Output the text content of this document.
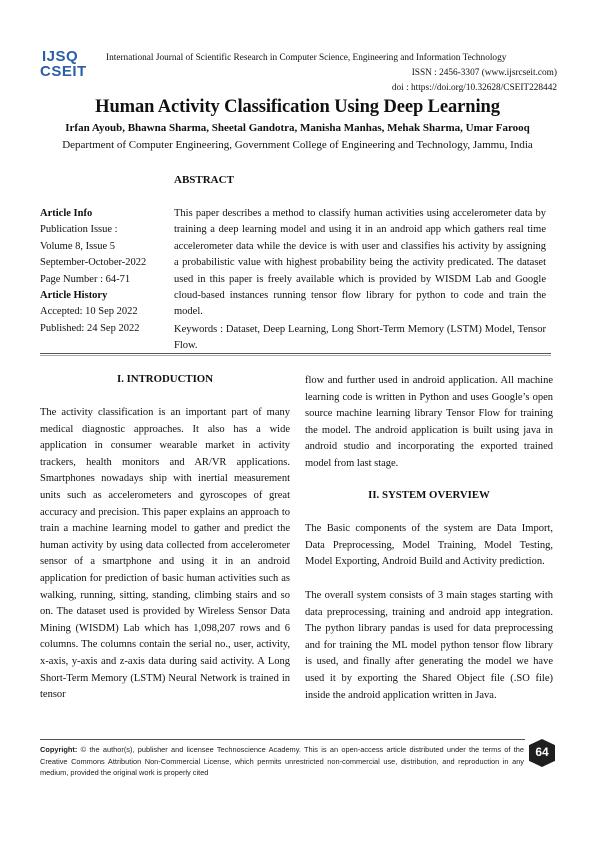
IJSQ
CSEIT
International Journal of Scientific Research in Computer Science, Engineering and Information Technology
ISSN : 2456-3307 (www.ijsrcseit.com)
doi : https://doi.org/10.32628/CSEIT228442
Human Activity Classification Using Deep Learning
Irfan Ayoub, Bhawna Sharma, Sheetal Gandotra, Manisha Manhas, Mehak Sharma, Umar Farooq
Department of Computer Engineering, Government College of Engineering and Technology, Jammu, India
ABSTRACT
Article Info
Publication Issue :
Volume 8, Issue 5
September-October-2022
Page Number : 64-71
Article History
Accepted: 10 Sep 2022
Published: 24 Sep 2022
This paper describes a method to classify human activities using accelerometer data by training a deep learning model and using it in an android app which gathers real time accelerometer data while the device is with user and classifies his activity by assigning a probabilistic value with highest probability being the activity predicated. The dataset used in this paper is freely available which is provided by WISDM Lab and Google cloud-based instances running tensor flow library for python to code and train the model.
Keywords : Dataset, Deep Learning, Long Short-Term Memory (LSTM) Model, Tensor Flow.
I. INTRODUCTION
The activity classification is an important part of many medical diagnostic approaches. It also has a wide application in consumer wearable market in activity trackers, health monitors and AR/VR applications. Smartphones nowadays ship with inertial measurement units such as accelerometers and gyroscopes of great accuracy and precision. This paper explains an approach to train a machine learning model to gather and predict the human activity by using data collected from accelerometer sensor of a smartphone and using it in an android application for prediction of basic human activities such as walking, running, sitting, standing, climbing stairs and so on. The dataset used is provided by Wireless Sensor Data Mining (WISDM) Lab which has 1,098,207 rows and 6 columns. The columns contain the serial no., user, activity, x-axis, y-axis and z-axis data during said activity. A Long Short-Term Memory (LSTM) Neural Network is trained in tensor
flow and further used in android application. All machine learning code is written in Python and uses Google’s open source machine learning library Tensor Flow for training the model. The android application is built using java in android studio and incorporating the exported trained model from last stage.
II. SYSTEM OVERVIEW
The Basic components of the system are Data Import, Data Preprocessing, Model Training, Model Testing, Model Exporting, Android Build and Activity prediction.
The overall system consists of 3 main stages starting with data preprocessing, training and android app integration. The python library pandas is used for data preprocessing and for training the ML model python tensor flow library is used, and finally after generating the model we have used it by exporting the Shared Object file (.SO file) inside the android application written in Java.
Copyright: © the author(s), publisher and licensee Technoscience Academy. This is an open-access article distributed under the terms of the Creative Commons Attribution Non-Commercial License, which permits unrestricted non-commercial use, distribution, and reproduction in any medium, provided the original work is properly cited
64
